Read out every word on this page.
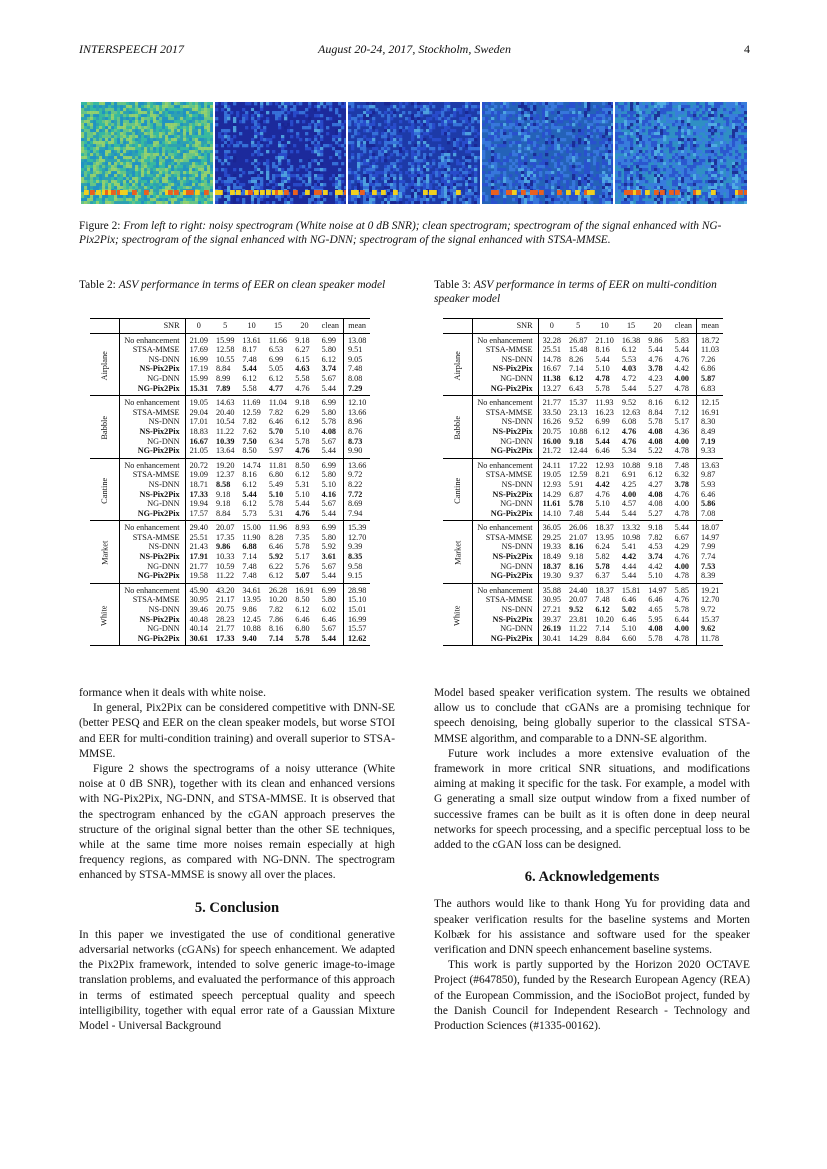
INTERSPEECH 2017	August 20-24, 2017, Stockholm, Sweden	4
Figure 2: From left to right: noisy spectrogram (White noise at 0 dB SNR); clean spectrogram; spectrogram of the signal enhanced with NG-Pix2Pix; spectrogram of the signal enhanced with NG-DNN; spectrogram of the signal enhanced with STSA-MMSE.
Table 2: ASV performance in terms of EER on clean speaker model	Table 3: ASV performance in terms of EER on multi-condition speaker model
	SNR	0	5	10	15	20	clean	mean
Airplane	No enhancement	21.09	15.99	13.61	11.66	9.18	6.99	13.08
	STSA-MMSE	17.69	12.58	8.17	6.53	6.27	5.80	9.51
	NS-DNN	16.99	10.55	7.48	6.99	6.15	6.12	9.05
	NS-Pix2Pix	17.19	8.84	5.44	5.05	4.63	3.74	7.48
	NG-DNN	15.99	8.99	6.12	6.12	5.58	5.67	8.08
	NG-Pix2Pix	15.31	7.89	5.58	4.77	4.76	5.44	7.29
Babble	No enhancement	19.05	14.63	11.69	11.04	9.18	6.99	12.10
	STSA-MMSE	29.04	20.40	12.59	7.82	6.29	5.80	13.66
	NS-DNN	17.01	10.54	7.82	6.46	6.12	5.78	8.96
	NS-Pix2Pix	18.83	11.22	7.62	5.70	5.10	4.08	8.76
	NG-DNN	16.67	10.39	7.50	6.34	5.78	5.67	8.73
	NG-Pix2Pix	21.05	13.64	8.50	5.97	4.76	5.44	9.90
Cantine	No enhancement	20.72	19.20	14.74	11.81	8.50	6.99	13.66
	STSA-MMSE	19.09	12.37	8.16	6.80	6.12	5.80	9.72
	NS-DNN	18.71	8.58	6.12	5.49	5.31	5.10	8.22
	NS-Pix2Pix	17.33	9.18	5.44	5.10	5.10	4.16	7.72
	NG-DNN	19.94	9.18	6.12	5.78	5.44	5.67	8.69
	NG-Pix2Pix	17.57	8.84	5.73	5.31	4.76	5.44	7.94
Market	No enhancement	29.40	20.07	15.00	11.96	8.93	6.99	15.39
	STSA-MMSE	25.51	17.35	11.90	8.28	7.35	5.80	12.70
	NS-DNN	21.43	9.86	6.88	6.46	5.78	5.92	9.39
	NS-Pix2Pix	17.91	10.33	7.14	5.92	5.17	3.61	8.35
	NG-DNN	21.77	10.59	7.48	6.22	5.76	5.67	9.58
	NG-Pix2Pix	19.58	11.22	7.48	6.12	5.07	5.44	9.15
White	No enhancement	45.90	43.20	34.61	26.28	16.91	6.99	28.98
	STSA-MMSE	30.95	21.17	13.95	10.20	8.50	5.80	15.10
	NS-DNN	39.46	20.75	9.86	7.82	6.12	6.02	15.01
	NS-Pix2Pix	40.48	28.23	12.45	7.86	6.46	6.46	16.99
	NG-DNN	40.14	21.77	10.88	8.16	6.80	5.67	15.57
	NG-Pix2Pix	30.61	17.33	9.40	7.14	5.78	5.44	12.62
	SNR	0	5	10	15	20	clean	mean
Airplane	No enhancement	32.28	26.87	21.10	16.38	9.86	5.83	18.72
	STSA-MMSE	25.51	15.48	8.16	6.12	5.44	5.44	11.03
	NS-DNN	14.78	8.26	5.44	5.53	4.76	4.76	7.26
	NS-Pix2Pix	16.67	7.14	5.10	4.03	3.78	4.42	6.86
	NG-DNN	11.38	6.12	4.78	4.72	4.23	4.00	5.87
	NG-Pix2Pix	13.27	6.43	5.78	5.44	5.27	4.78	6.83
Babble	No enhancement	21.77	15.37	11.93	9.52	8.16	6.12	12.15
	STSA-MMSE	33.50	23.13	16.23	12.63	8.84	7.12	16.91
	NS-DNN	16.26	9.52	6.99	6.08	5.78	5.17	8.30
	NS-Pix2Pix	20.75	10.88	6.12	4.76	4.08	4.36	8.49
	NG-DNN	16.00	9.18	5.44	4.76	4.08	4.00	7.19
	NG-Pix2Pix	21.72	12.44	6.46	5.34	5.22	4.78	9.33
Cantine	No enhancement	24.11	17.22	12.93	10.88	9.18	7.48	13.63
	STSA-MMSE	19.05	12.59	8.21	6.91	6.12	6.32	9.87
	NS-DNN	12.93	5.91	4.42	4.25	4.27	3.78	5.93
	NS-Pix2Pix	14.29	6.87	4.76	4.00	4.08	4.76	6.46
	NG-DNN	11.61	5.78	5.10	4.57	4.08	4.00	5.86
	NG-Pix2Pix	14.10	7.48	5.44	5.44	5.27	4.78	7.08
Market	No enhancement	36.05	26.06	18.37	13.32	9.18	5.44	18.07
	STSA-MMSE	29.25	21.07	13.95	10.98	7.82	6.67	14.97
	NS-DNN	19.33	8.16	6.24	5.41	4.53	4.29	7.99
	NS-Pix2Pix	18.49	9.18	5.82	4.42	3.74	4.76	7.74
	NG-DNN	18.37	8.16	5.78	4.44	4.42	4.00	7.53
	NG-Pix2Pix	19.30	9.37	6.37	5.44	5.10	4.78	8.39
White	No enhancement	35.88	24.40	18.37	15.81	14.97	5.85	19.21
	STSA-MMSE	30.95	20.07	7.48	6.46	6.46	4.76	12.70
	NS-DNN	27.21	9.52	6.12	5.02	4.65	5.78	9.72
	NS-Pix2Pix	39.37	23.81	10.20	6.46	5.95	6.44	15.37
	NG-DNN	26.19	11.22	7.14	5.10	4.08	4.00	9.62
	NG-Pix2Pix	30.41	14.29	8.84	6.60	5.78	4.78	11.78

formance when it deals with white noise.

In general, Pix2Pix can be considered competitive with DNN-SE (better PESQ and EER on the clean speaker models, but worse STOI and EER for multi-condition training) and overall superior to STSA-MMSE.

Figure 2 shows the spectrograms of a noisy utterance (White noise at 0 dB SNR), together with its clean and enhanced versions with NG-Pix2Pix, NG-DNN, and STSA-MMSE. It is observed that the spectrogram enhanced by the cGAN approach preserves the structure of the original signal better than the other SE techniques, while at the same time more noises remain especially at high frequency regions, as compared with NG-DNN. The spectrogram enhanced by STSA-MMSE is snowy all over the places.

5. Conclusion

In this paper we investigated the use of conditional generative adversarial networks (cGANs) for speech enhancement. We adapted the Pix2Pix framework, intended to solve generic image-to-image translation problems, and evaluated the performance of this approach in terms of estimated speech perceptual quality and speech intelligibility, together with equal error rate of a Gaussian Mixture Model - Universal Background

Model based speaker verification system. The results we obtained allow us to conclude that cGANs are a promising technique for speech denoising, being globally superior to the classical STSA-MMSE algorithm, and comparable to a DNN-SE algorithm.

Future work includes a more extensive evaluation of the framework in more critical SNR situations, and modifications aiming at making it specific for the task. For example, a model with G generating a small size output window from a fixed number of successive frames can be built as it is often done in deep neural networks for speech processing, and a specific perceptual loss to be added to the cGAN loss can be designed.

6. Acknowledgements

The authors would like to thank Hong Yu for providing data and speaker verification results for the baseline systems and Morten Kolbæk for his assistance and software used for the speaker verification and DNN speech enhancement baseline systems.

This work is partly supported by the Horizon 2020 OCTAVE Project (#647850), funded by the Research European Agency (REA) of the European Commission, and the iSocioBot project, funded by the Danish Council for Independent Research - Technology and Production Sciences (#1335-00162).
